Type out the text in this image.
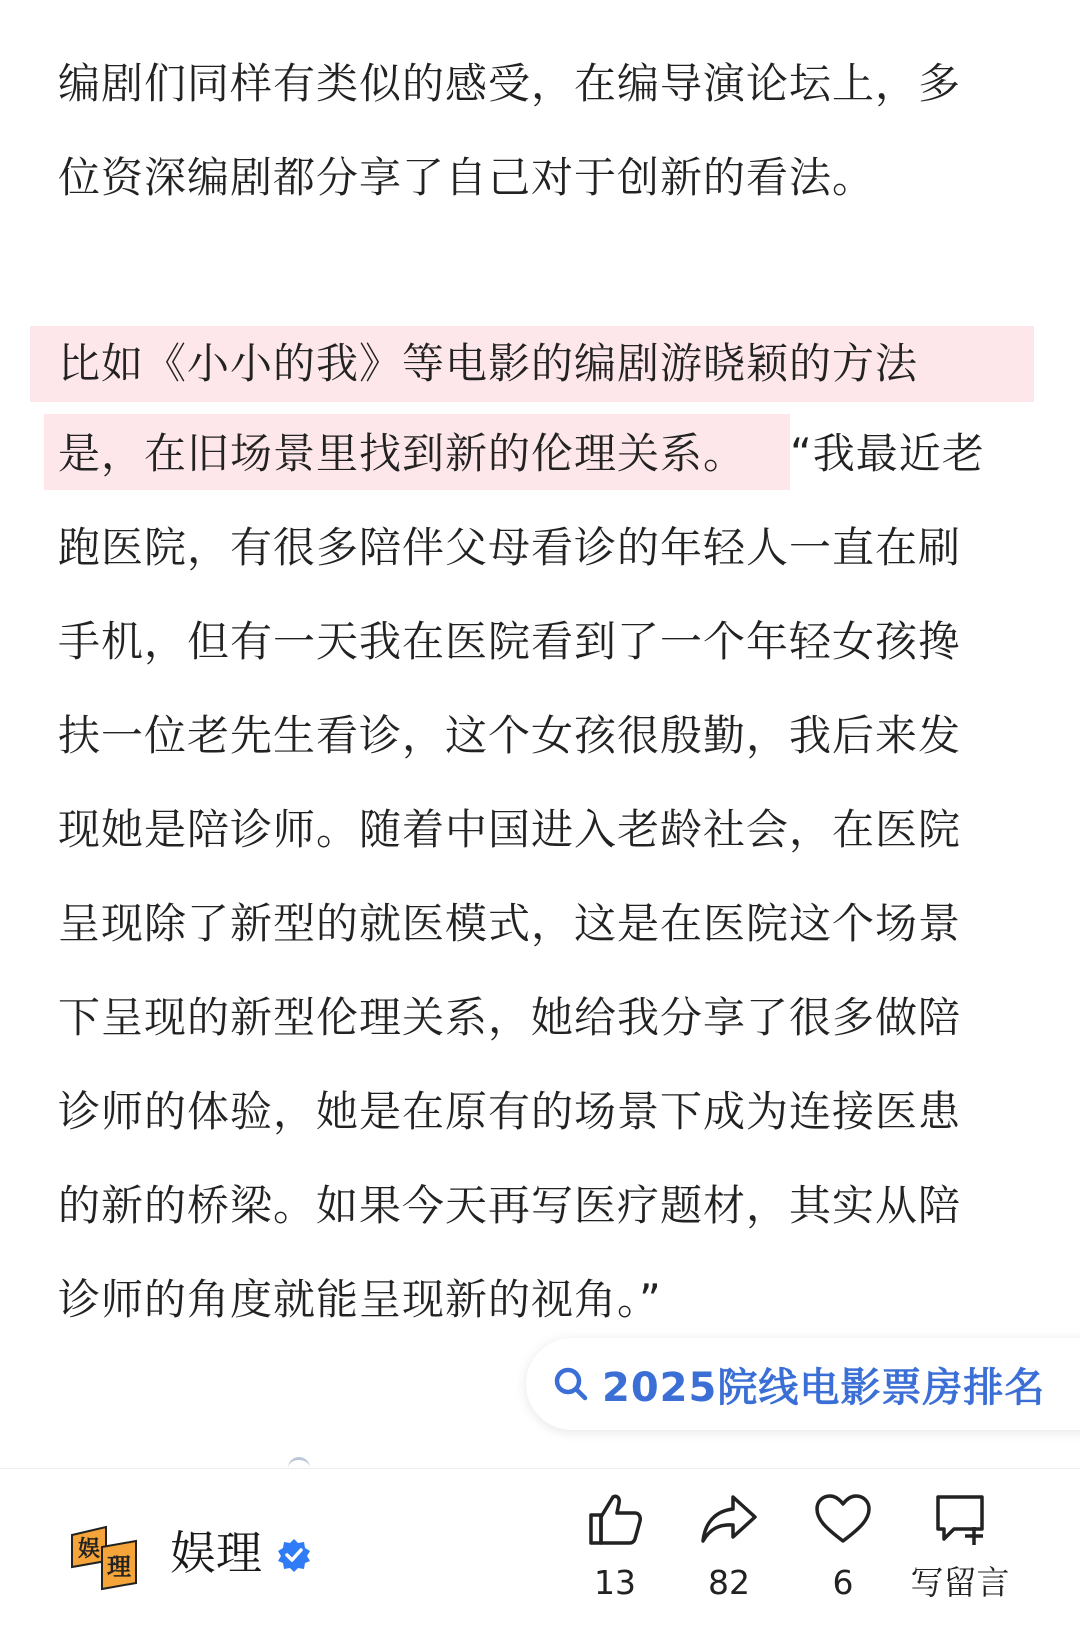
编剧们同样有类似的感受，在编导演论坛上，多
位资深编剧都分享了自己对于创新的看法。
比如《小小的我》等电影的编剧游晓颖的方法
是，在旧场景里找到新的伦理关系。 “我最近老
跑医院，有很多陪伴父母看诊的年轻人一直在刷
手机，但有一天我在医院看到了一个年轻女孩搀
扶一位老先生看诊，这个女孩很殷勤，我后来发
现她是陪诊师。随着中国进入老龄社会，在医院
呈现除了新型的就医模式，这是在医院这个场景
下呈现的新型伦理关系，她给我分享了很多做陪
诊师的体验，她是在原有的场景下成为连接医患
的新的桥梁。如果今天再写医疗题材，其实从陪
诊师的角度就能呈现新的视角。”
2025院线电影票房排名
娱
理 娱理
13	82	6	写留言
